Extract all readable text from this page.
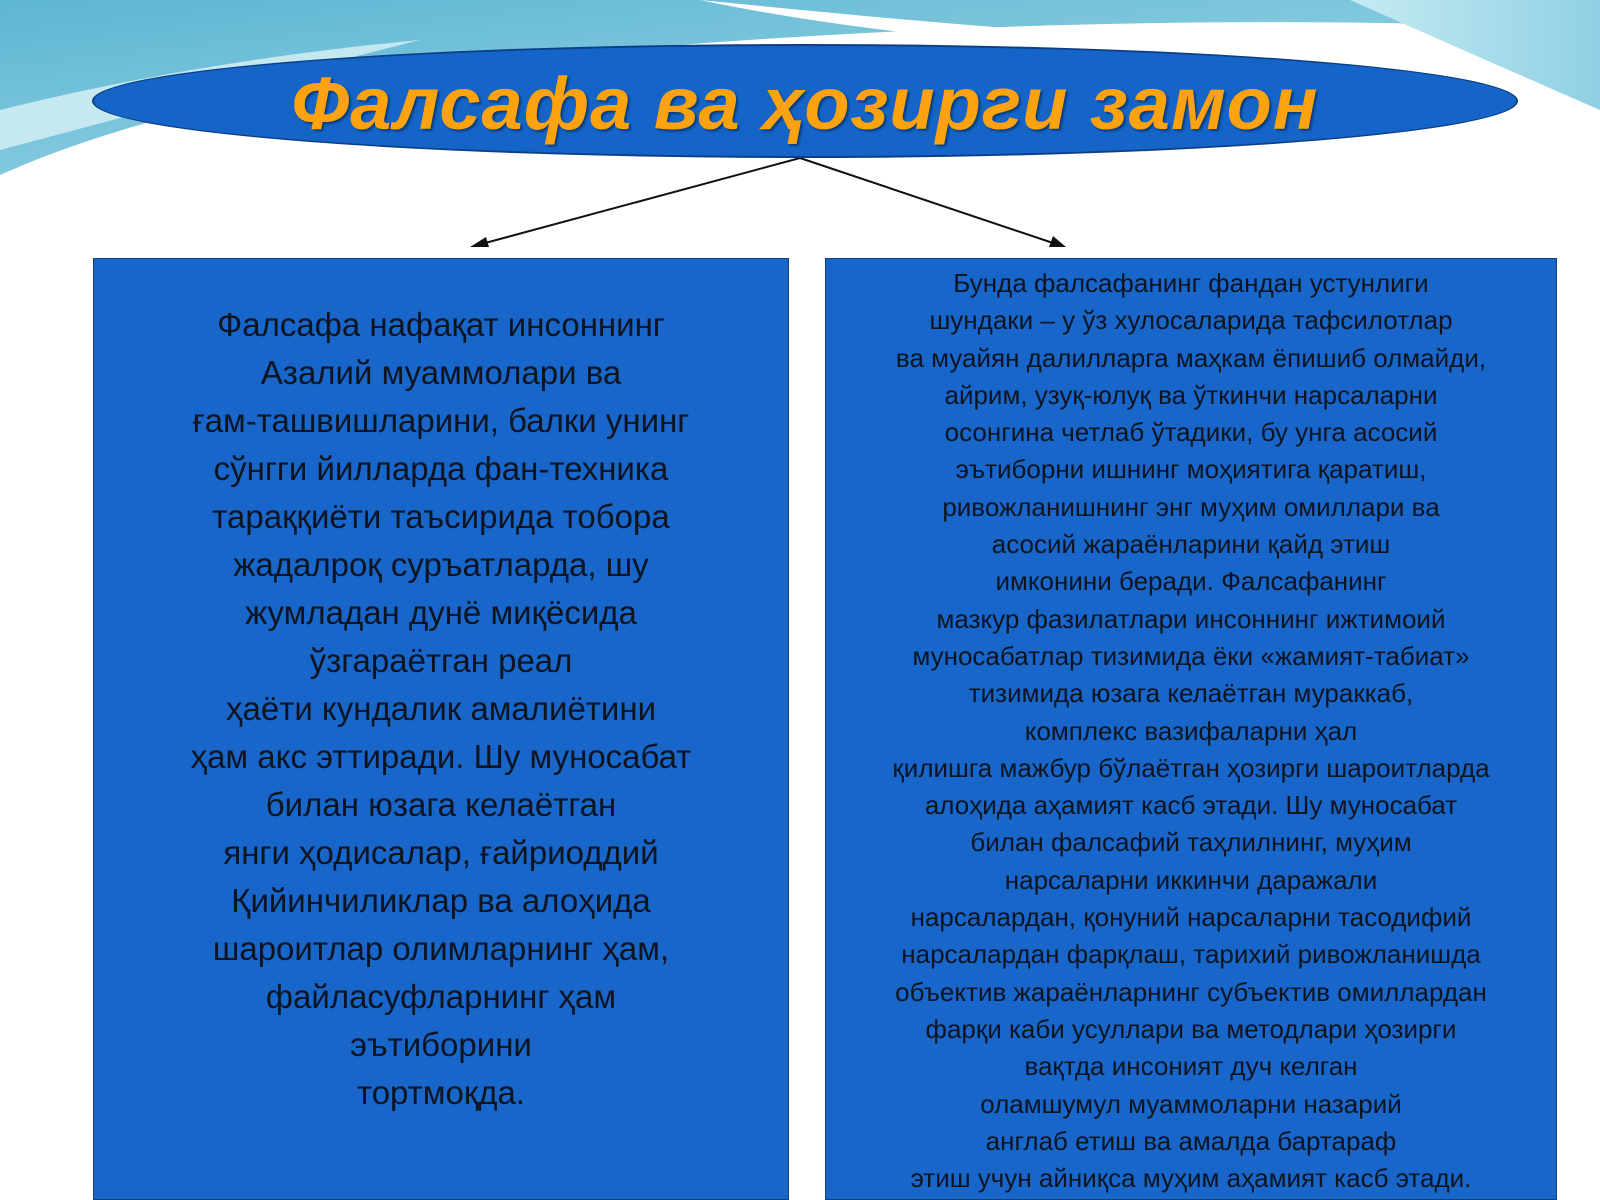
Фалсафа ва ҳозирги замон
Фалсафа нафақат инсоннинг
Азалий муаммолари ва
ғам-ташвишларини, балки унинг
сўнгги йилларда фан-техника
тараққиёти таъсирида тобора
жадалроқ суръатларда, шу
жумладан дунё миқёсида
ўзгараётган реал
ҳаёти кундалик амалиётини
ҳам акс эттиради. Шу муносабат
билан юзага келаётган
янги ҳодисалар, ғайриоддий
Қийинчиликлар ва алоҳида
шароитлар олимларнинг ҳам,
файласуфларнинг ҳам
эътиборини
тортмоқда.
Бунда фалсафанинг фандан устунлиги
шундаки – у ўз хулосаларида тафсилотлар
ва муайян далилларга маҳкам ёпишиб олмайди,
айрим, узуқ-юлуқ ва ўткинчи нарсаларни
осонгина четлаб ўтадики, бу унга асосий
эътиборни ишнинг моҳиятига қаратиш,
ривожланишнинг энг муҳим омиллари ва
асосий жараёнларини қайд этиш
имконини беради. Фалсафанинг
мазкур фазилатлари инсоннинг ижтимоий
муносабатлар тизимида ёки «жамият-табиат»
тизимида юзага келаётган мураккаб,
комплекс вазифаларни ҳал
қилишга мажбур бўлаётган ҳозирги шароитларда
алоҳида аҳамият касб этади. Шу муносабат
билан фалсафий таҳлилнинг, муҳим
нарсаларни иккинчи даражали
нарсалардан, қонуний нарсаларни тасодифий
нарсалардан фарқлаш, тарихий ривожланишда
объектив жараёнларнинг субъектив омиллардан
фарқи каби усуллари ва методлари ҳозирги
вақтда инсоният дуч келган
оламшумул муаммоларни назарий
англаб етиш ва амалда бартараф
этиш учун айниқса муҳим аҳамият касб этади.
